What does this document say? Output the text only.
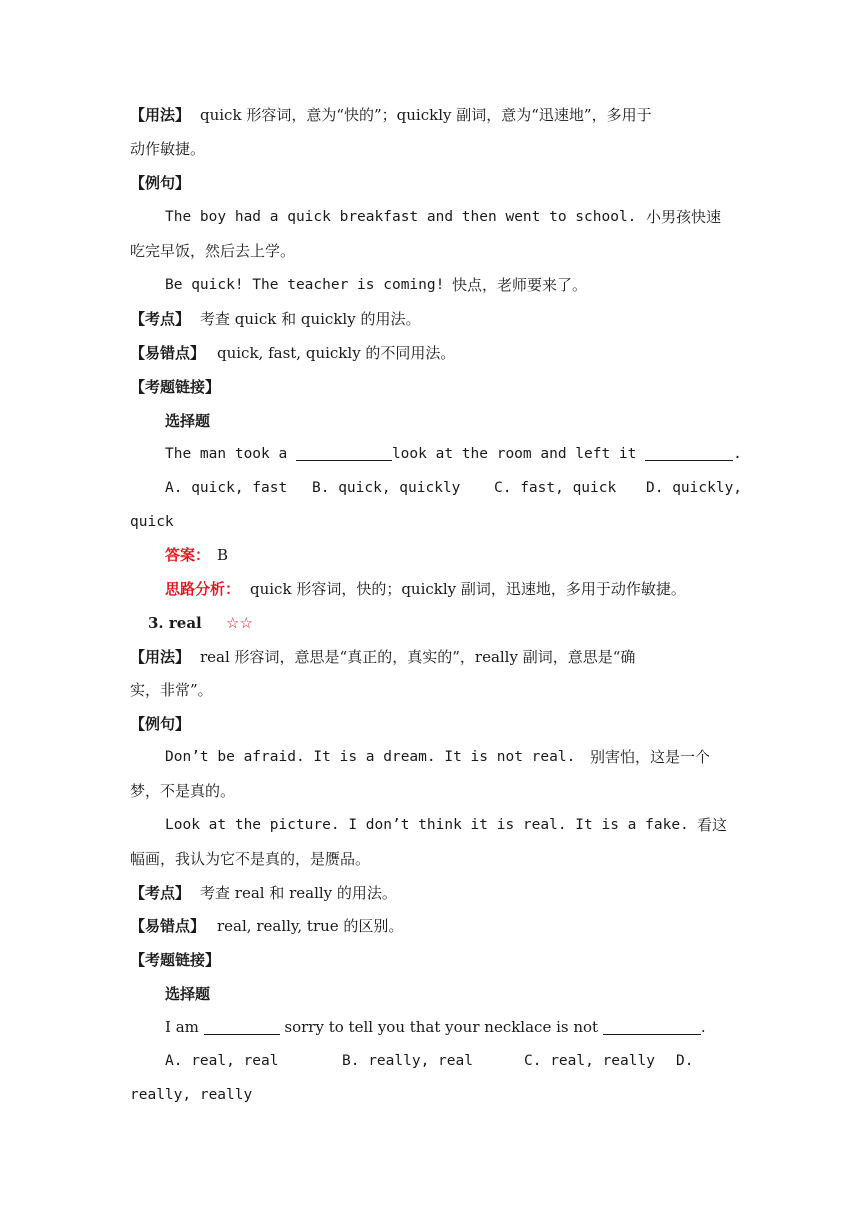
【用法】 quick 形容词，意为“快的”；quickly 副词，意为“迅速地”，多用于
动作敏捷。
【例句】
The boy had a quick breakfast and then went to school. 小男孩快速
吃完早饭，然后去上学。
Be quick! The teacher is coming! 快点，老师要来了。
【考点】 考查 quick 和 quickly 的用法。
【易错点】 quick, fast, quickly 的不同用法。
【考题链接】
选择题
The man took a	look at the room and left it	.
A. quick, fast B. quick, quickly C. fast, quick D. quickly,
quick
答案： B
思路分析： quick 形容词，快的；quickly 副词，迅速地，多用于动作敏捷。
3. real ☆☆
【用法】 real 形容词，意思是“真正的，真实的”，really 副词，意思是“确
实，非常”。
【例句】
Don’t be afraid. It is a dream. It is not real. 别害怕，这是一个
梦，不是真的。
Look at the picture. I don’t think it is real. It is a fake. 看这
幅画，我认为它不是真的，是赝品。
【考点】 考查 real 和 really 的用法。
【易错点】 real, really, true 的区别。
【考题链接】
选择题
I am	sorry to tell you that your necklace is not	.
A. real, real	B. really, real	C. real, really D.
really, really
